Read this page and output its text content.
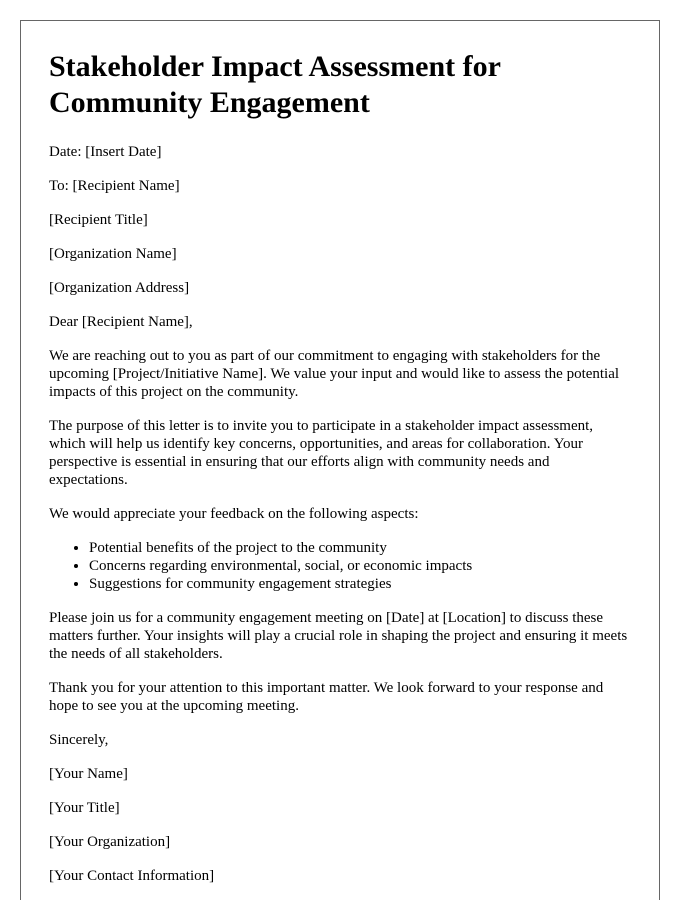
Stakeholder Impact Assessment for Community Engagement

Date: [Insert Date]

To: [Recipient Name]

[Recipient Title]

[Organization Name]

[Organization Address]

Dear [Recipient Name],

We are reaching out to you as part of our commitment to engaging with stakeholders for the upcoming [Project/Initiative Name]. We value your input and would like to assess the potential impacts of this project on the community.

The purpose of this letter is to invite you to participate in a stakeholder impact assessment, which will help us identify key concerns, opportunities, and areas for collaboration. Your perspective is essential in ensuring that our efforts align with community needs and expectations.

We would appreciate your feedback on the following aspects:

• Potential benefits of the project to the community
• Concerns regarding environmental, social, or economic impacts
• Suggestions for community engagement strategies

Please join us for a community engagement meeting on [Date] at [Location] to discuss these matters further. Your insights will play a crucial role in shaping the project and ensuring it meets the needs of all stakeholders.

Thank you for your attention to this important matter. We look forward to your response and hope to see you at the upcoming meeting.

Sincerely,

[Your Name]

[Your Title]

[Your Organization]

[Your Contact Information]
